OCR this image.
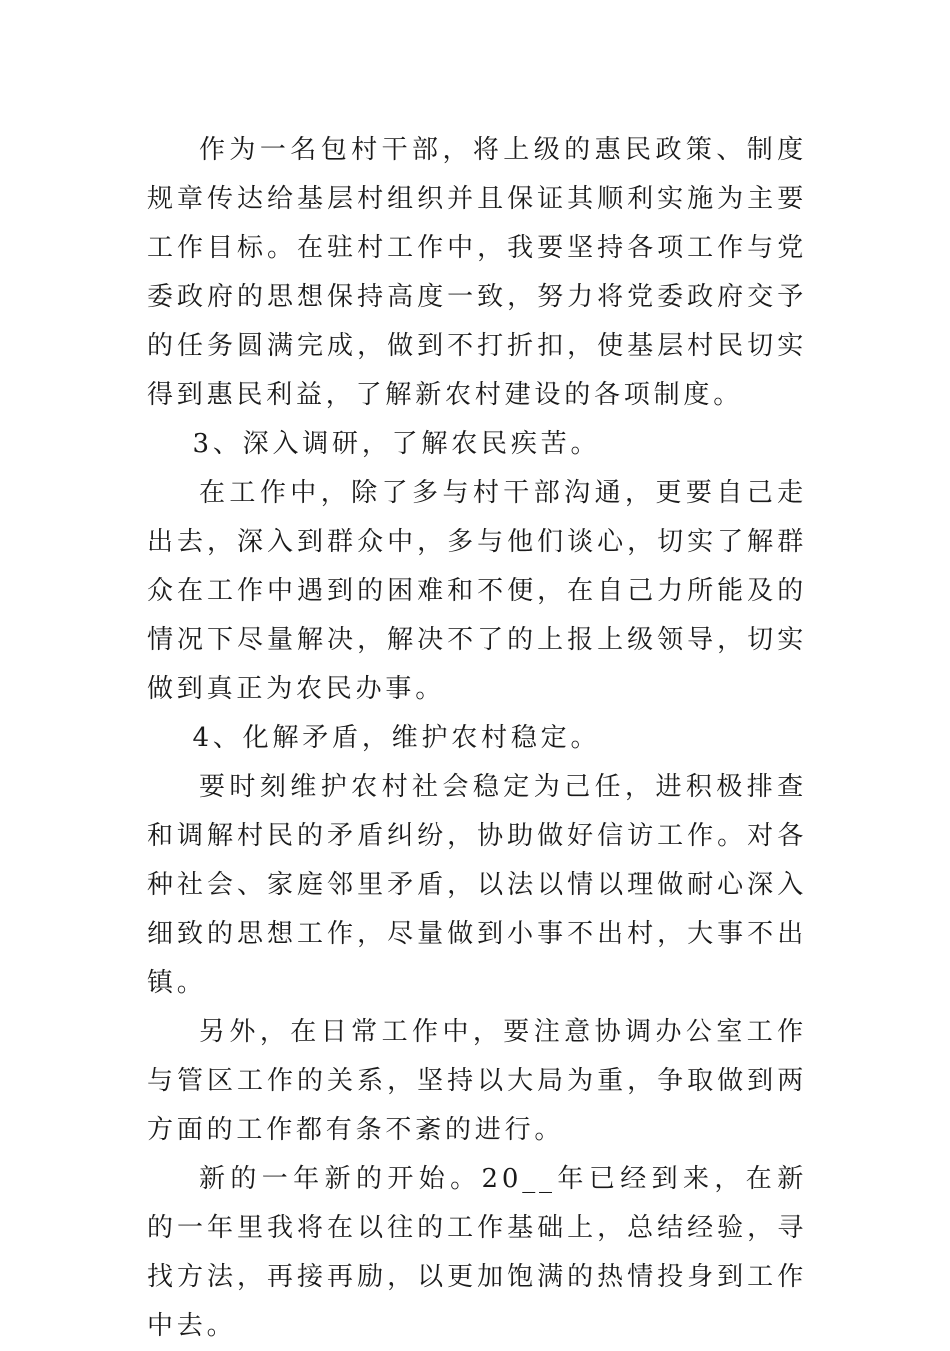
作为一名包村干部，将上级的惠民政策、制度规章传达给基层村组织并且保证其顺利实施为主要工作目标。在驻村工作中，我要坚持各项工作与党委政府的思想保持高度一致，努力将党委政府交予的任务圆满完成，做到不打折扣，使基层村民切实得到惠民利益，了解新农村建设的各项制度。

3、深入调研，了解农民疾苦。

在工作中，除了多与村干部沟通，更要自己走出去，深入到群众中，多与他们谈心，切实了解群众在工作中遇到的困难和不便，在自己力所能及的情况下尽量解决，解决不了的上报上级领导，切实做到真正为农民办事。

4、化解矛盾，维护农村稳定。

要时刻维护农村社会稳定为己任，进积极排查和调解村民的矛盾纠纷，协助做好信访工作。对各种社会、家庭邻里矛盾，以法以情以理做耐心深入细致的思想工作，尽量做到小事不出村，大事不出镇。

另外，在日常工作中，要注意协调办公室工作与管区工作的关系，坚持以大局为重，争取做到两方面的工作都有条不紊的进行。

新的一年新的开始。20__年已经到来，在新的一年里我将在以往的工作基础上，总结经验，寻找方法，再接再励，以更加饱满的热情投身到工作中去。
